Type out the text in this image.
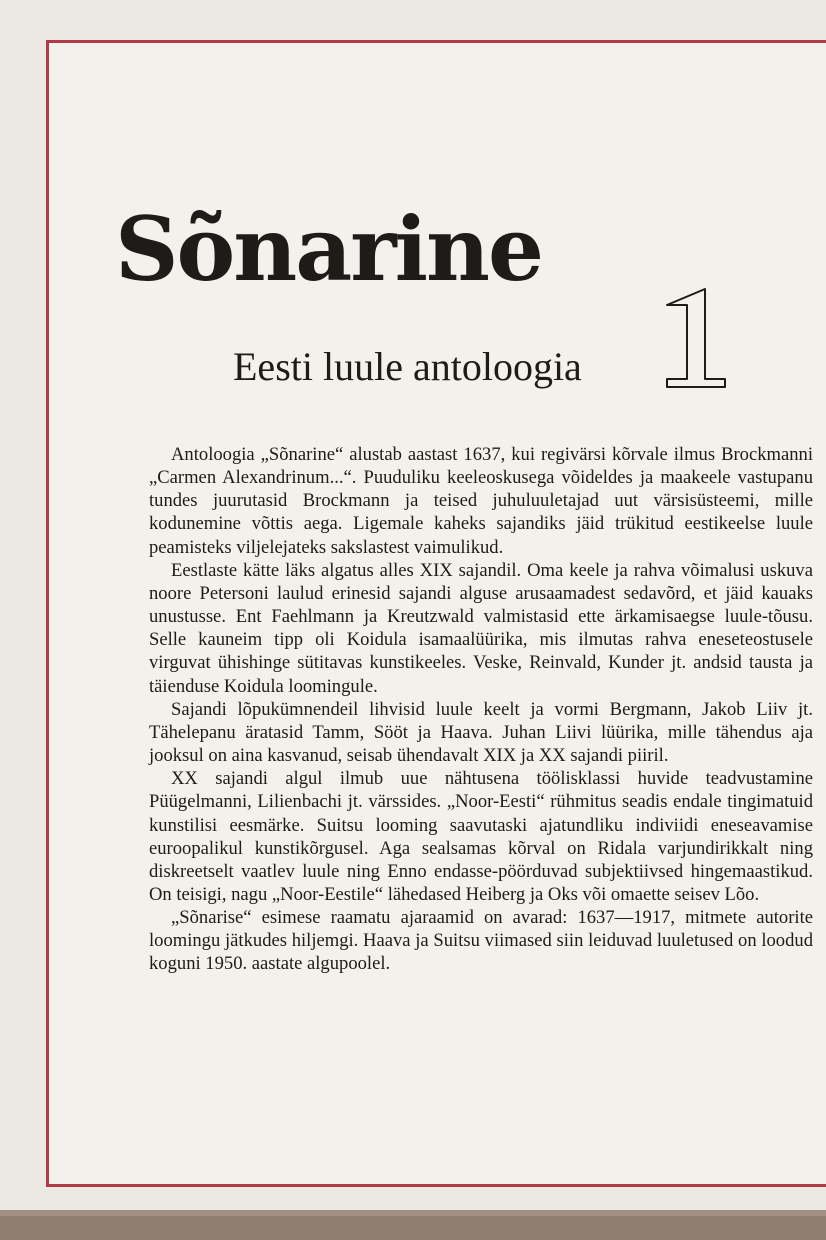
Sõnarine
Eesti luule antoloogia
1

Antoloogia „Sõnarine“ alustab aastast 1637, kui regivärsi kõrvale ilmus Brockmanni „Carmen Alexandrinum...“. Puuduliku keeleoskusega võideldes ja maakeele vastupanu tundes juurutasid Brockmann ja teised juhuluuletajad uut värsisüsteemi, mille kodunemine võttis aega. Ligemale kaheks sajandiks jäid trükitud eestikeelse luule peamisteks viljelejateks sakslastest vaimulikud.

Eestlaste kätte läks algatus alles XIX sajandil. Oma keele ja rahva võimalusi uskuva noore Petersoni laulud erinesid sajandi alguse arusaamadest sedavõrd, et jäid kauaks unustusse. Ent Faehlmann ja Kreutzwald valmistasid ette ärkamisaegse luule-tõusu. Selle kauneim tipp oli Koidula isamaalüürika, mis ilmutas rahva eneseteostusele virguvat ühishinge sütitavas kunstikeeles. Veske, Reinvald, Kunder jt. andsid tausta ja täienduse Koidula loomingule.

Sajandi lõpukümnendeil lihvisid luule keelt ja vormi Bergmann, Jakob Liiv jt. Tähelepanu äratasid Tamm, Sööt ja Haava. Juhan Liivi lüürika, mille tähendus aja jooksul on aina kasvanud, seisab ühendavalt XIX ja XX sajandi piiril.

XX sajandi algul ilmub uue nähtusena töölisklassi huvide teadvustamine Püügelmanni, Lilienbachi jt. värssides. „Noor-Eesti“ rühmitus seadis endale tingimatuid kunstilisi eesmärke. Suitsu looming saavutaski ajatundliku indiviidi eneseavamise euroopalikul kunstikõrgusel. Aga sealsamas kõrval on Ridala varjundirikkalt ning diskreetselt vaatlev luule ning Enno endasse-pöörduvad subjektiivsed hingemaastikud. On teisigi, nagu „Noor-Eestile“ lähedased Heiberg ja Oks või omaette seisev Lõo.

„Sõnarise“ esimese raamatu ajaraamid on avarad: 1637—1917, mitmete autorite loomingu jätkudes hiljemgi. Haava ja Suitsu viimased siin leiduvad luuletused on loodud koguni 1950. aastate algupoolel.
